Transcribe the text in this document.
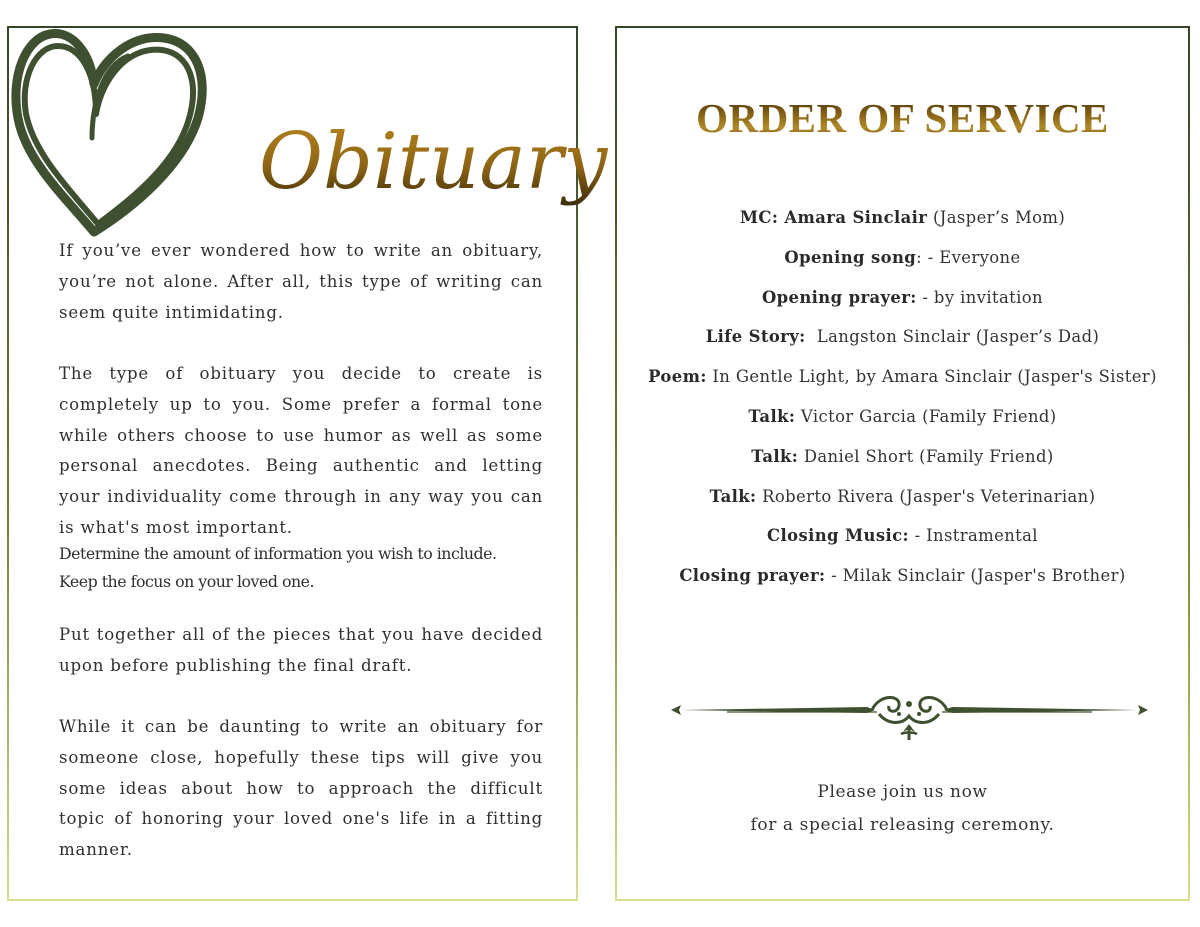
Obituary
If you’ve ever wondered how to write an obituary, you’re not alone. After all, this type of writing can seem quite intimidating.
The type of obituary you decide to create is completely up to you. Some prefer a formal tone while others choose to use humor as well as some personal anecdotes. Being authentic and letting your individuality come through in any way you can is what's most important.
Determine the amount of information you wish to include.
Keep the focus on your loved one.
Put together all of the pieces that you have decided upon before publishing the final draft.
While it can be daunting to write an obituary for someone close, hopefully these tips will give you some ideas about how to approach the difficult topic of honoring your loved one's life in a fitting manner.
ORDER OF SERVICE
MC: Amara Sinclair (Jasper’s Mom)
Opening song: - Everyone
Opening prayer: - by invitation
Life Story: Langston Sinclair (Jasper’s Dad)
Poem: In Gentle Light, by Amara Sinclair (Jasper's Sister)
Talk: Victor Garcia (Family Friend)
Talk: Daniel Short (Family Friend)
Talk: Roberto Rivera (Jasper's Veterinarian)
Closing Music: - Instramental
Closing prayer: - Milak Sinclair (Jasper's Brother)
Please join us now
for a special releasing ceremony.
